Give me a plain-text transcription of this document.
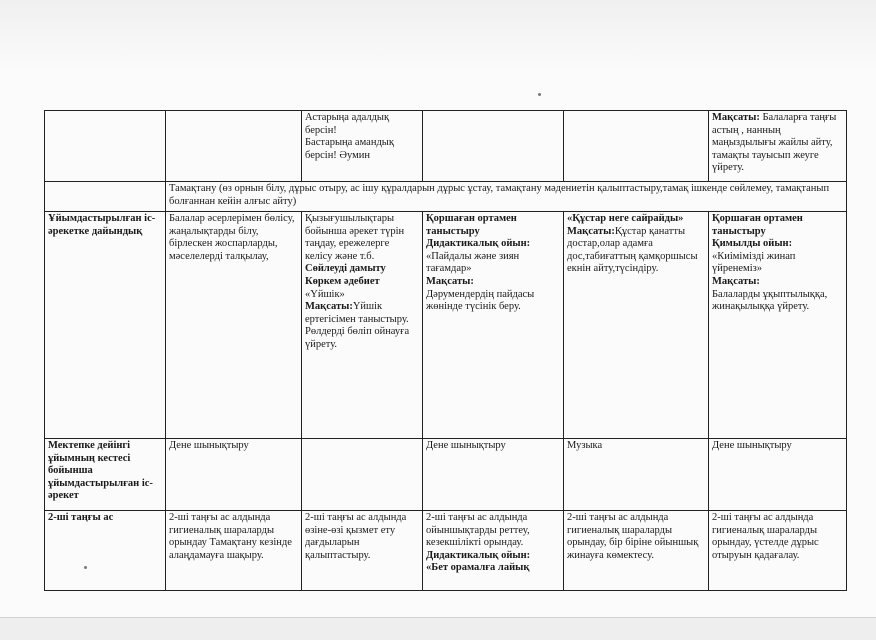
		Астарыңа адалдық
берсін!
Бастарыңа амандық
берсін! Әумин			Мақсаты: Балаларға таңғы астың , нанның маңыздылығы жайлы айту, тамақты тауысып жеуге үйрету.
	Тамақтану (өз орнын білу, дұрыс отыру, ас ішу құралдарын дұрыс ұстау, тамақтану мәдениетін қалыптастыру,тамақ ішкенде сөйлемеу, тамақтанып болғаннан кейін алғыс айту)				
Ұйымдастырылған іс-әрекетке дайындық	Балалар әсерлерімен бөлісу, жаңалықтарды білу, бірлескен жоспарларды, мәселелерді талқылау,	Қызығушылықтары бойынша әрекет түрін таңдау, ережелерге келісу және т.б.
Сөйлеуді дамыту
Көркем әдебиет
«Үйшік»
Мақсаты:Үйшік ертегісімен таныстыру. Рөлдерді бөліп ойнауға үйрету.	Қоршаған ортамен таныстыру
Дидактикалық ойын:
«Пайдалы және зиян тағамдар»
Мақсаты:
Дәрумендердің пайдасы жөнінде түсінік беру.	«Құстар неге сайрайды»
Мақсаты:Құстар қанатты достар,олар адамға дос,табиғаттың қамқоршысы екнін айту,түсіндіру.	Қоршаған ортамен таныстыру
Қимылды ойын:
«Киімімізді жинап үйренеміз»
Мақсаты:
Балаларды ұқыптылыққа, жинақылыққа үйрету.

Мектепке дейінгі ұйымның кестесі бойынша ұйымдастырылған іс-әрекет	Дене шынықтыру		Дене шынықтыру	Музыка	Дене шынықтыру
2-ші таңғы ас	2-ші таңғы ас алдында гигиеналық шараларды орындау Тамақтану кезінде алаңдамауға шақыру.	2-ші таңғы ас алдында өзіне-өзі қызмет ету дағдыларын қалыптастыру.	2-ші таңғы ас алдында ойыншықтарды реттеу, кезекшілікті орындау.
Дидактикалық ойын:
«Бет орамалға лайық	2-ші таңғы ас алдында гигиеналық шараларды орындау, бір біріне ойыншық жинауға көмектесу.	2-ші таңғы ас алдында гигиеналық шараларды орындау, үстелде дұрыс отыруын қадағалау.
